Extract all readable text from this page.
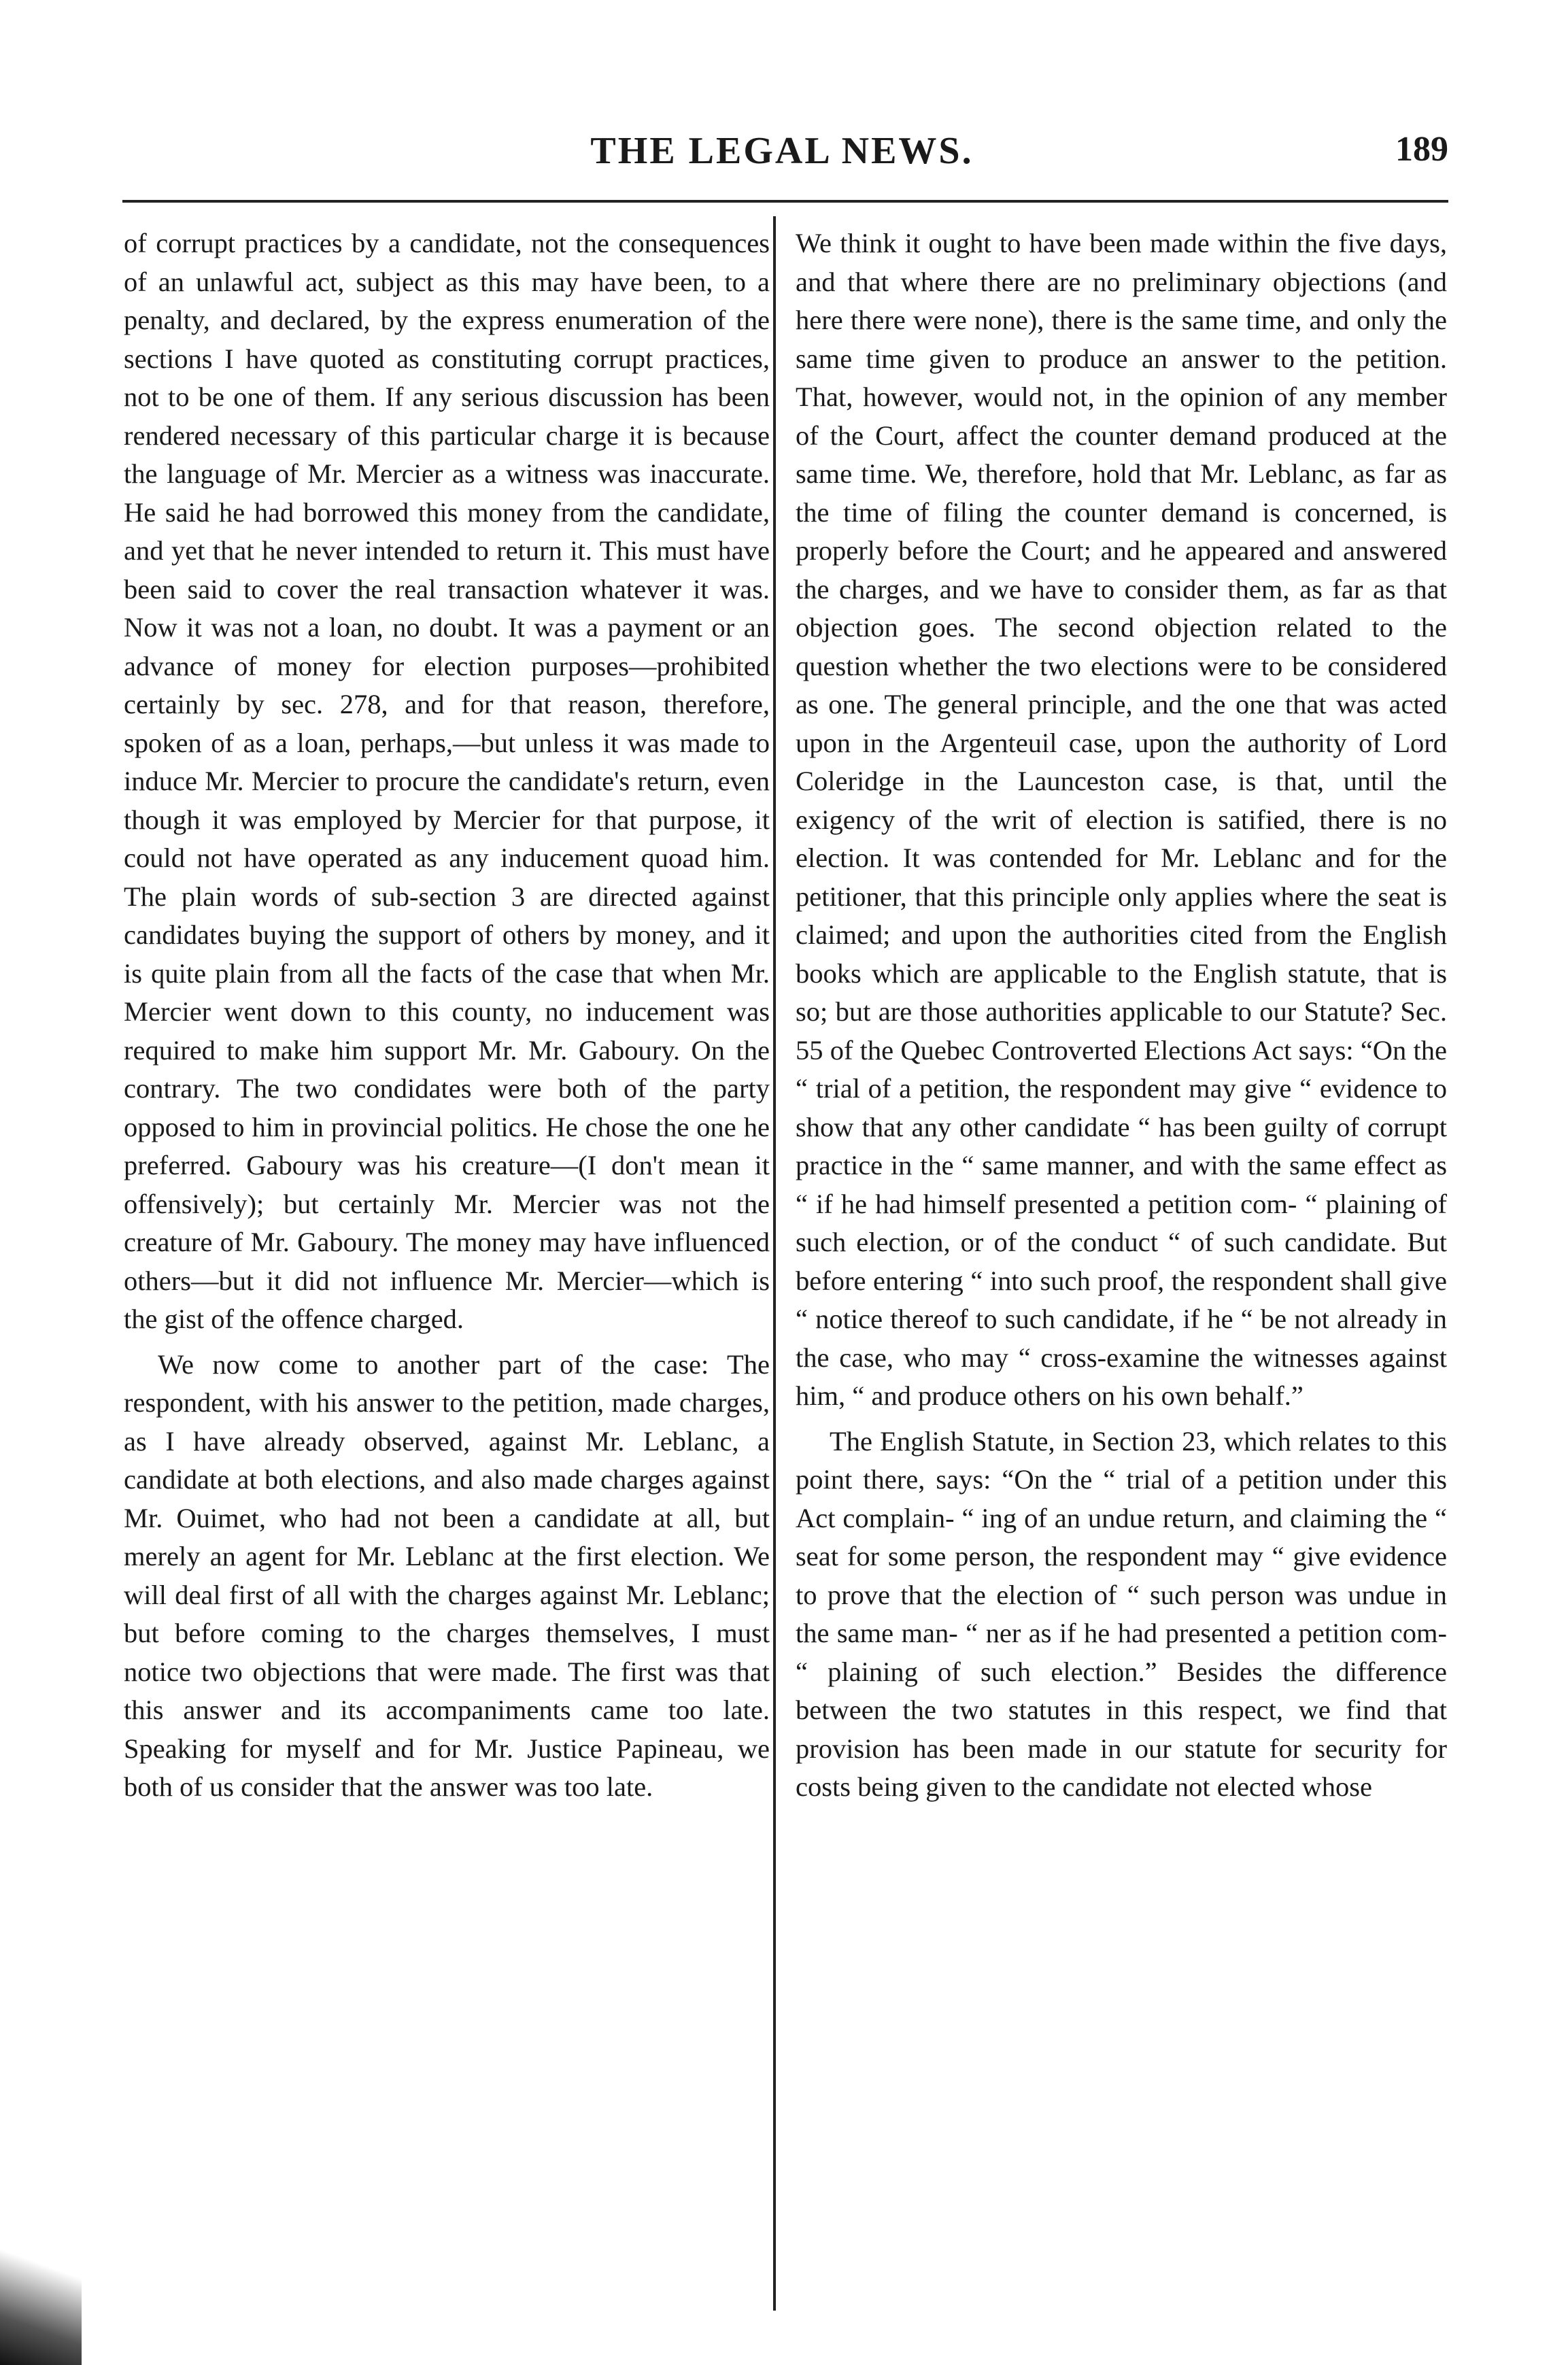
THE LEGAL NEWS.	189

of corrupt practices by a candidate, not the consequences of an unlawful act, subject as this may have been, to a penalty, and declared, by the express enumeration of the sections I have quoted as constituting corrupt practices, not to be one of them. If any serious discussion has been rendered necessary of this particular charge it is because the language of Mr. Mercier as a witness was inaccurate. He said he had borrowed this money from the candidate, and yet that he never intended to return it. This must have been said to cover the real transaction whatever it was. Now it was not a loan, no doubt. It was a payment or an advance of money for election purposes—prohibited certainly by sec. 278, and for that reason, therefore, spoken of as a loan, perhaps,—but unless it was made to induce Mr. Mercier to procure the candidate's return, even though it was employed by Mercier for that purpose, it could not have operated as any inducement quoad him. The plain words of sub-section 3 are directed against candidates buying the support of others by money, and it is quite plain from all the facts of the case that when Mr. Mercier went down to this county, no inducement was required to make him support Mr. Mr. Gaboury. On the contrary. The two condidates were both of the party opposed to him in provincial politics. He chose the one he preferred. Gaboury was his creature—(I don't mean it offensively); but certainly Mr. Mercier was not the creature of Mr. Gaboury. The money may have influenced others—but it did not influence Mr. Mercier—which is the gist of the offence charged.

We now come to another part of the case: The respondent, with his answer to the petition, made charges, as I have already observed, against Mr. Leblanc, a candidate at both elections, and also made charges against Mr. Ouimet, who had not been a candidate at all, but merely an agent for Mr. Leblanc at the first election. We will deal first of all with the charges against Mr. Leblanc; but before coming to the charges themselves, I must notice two objections that were made. The first was that this answer and its accompaniments came too late. Speaking for myself and for Mr. Justice Papineau, we both of us consider that the answer was too late.

We think it ought to have been made within the five days, and that where there are no preliminary objections (and here there were none), there is the same time, and only the same time given to produce an answer to the petition. That, however, would not, in the opinion of any member of the Court, affect the counter demand produced at the same time. We, therefore, hold that Mr. Leblanc, as far as the time of filing the counter demand is concerned, is properly before the Court; and he appeared and answered the charges, and we have to consider them, as far as that objection goes. The second objection related to the question whether the two elections were to be considered as one. The general principle, and the one that was acted upon in the Argenteuil case, upon the authority of Lord Coleridge in the Launceston case, is that, until the exigency of the writ of election is satified, there is no election. It was contended for Mr. Leblanc and for the petitioner, that this principle only applies where the seat is claimed; and upon the authorities cited from the English books which are applicable to the English statute, that is so; but are those authorities applicable to our Statute? Sec. 55 of the Quebec Controverted Elections Act says: “On the “ trial of a petition, the respondent may give “ evidence to show that any other candidate “ has been guilty of corrupt practice in the “ same manner, and with the same effect as “ if he had himself presented a petition com- “ plaining of such election, or of the conduct “ of such candidate. But before entering “ into such proof, the respondent shall give “ notice thereof to such candidate, if he “ be not already in the case, who may “ cross-examine the witnesses against him, “ and produce others on his own behalf.”

The English Statute, in Section 23, which relates to this point there, says: “On the “ trial of a petition under this Act complain- “ ing of an undue return, and claiming the “ seat for some person, the respondent may “ give evidence to prove that the election of “ such person was undue in the same man- “ ner as if he had presented a petition com- “ plaining of such election.” Besides the difference between the two statutes in this respect, we find that provision has been made in our statute for security for costs being given to the candidate not elected whose
